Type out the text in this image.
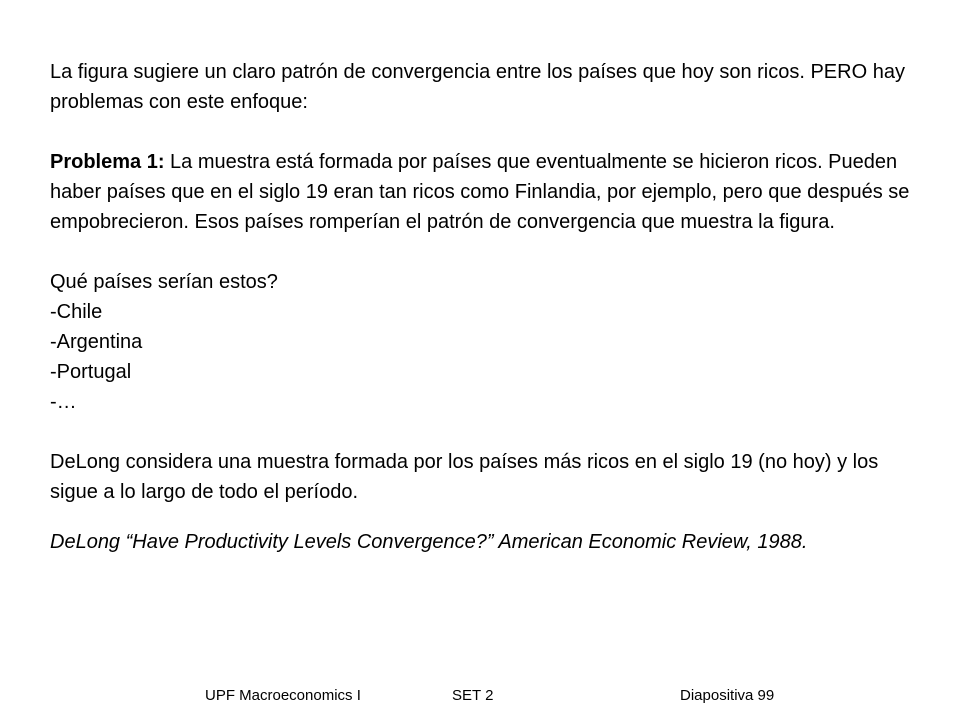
La figura sugiere un claro patrón de convergencia entre los países que hoy son ricos. PERO hay problemas con este enfoque:

Problema 1: La muestra está formada por países que eventualmente se hicieron ricos. Pueden haber países que en el siglo 19 eran tan ricos como Finlandia, por ejemplo, pero que después se empobrecieron. Esos países romperían el patrón de convergencia que muestra la figura.

Qué países serían estos?

-Chile

-Argentina

-Portugal

-…

DeLong considera una muestra formada por los países más ricos en el siglo 19 (no hoy) y los sigue a lo largo de todo el período.

DeLong “Have Productivity Levels Convergence?” American Economic Review, 1988.

UPF Macroeconomics I	SET 2	Diapositiva 99
